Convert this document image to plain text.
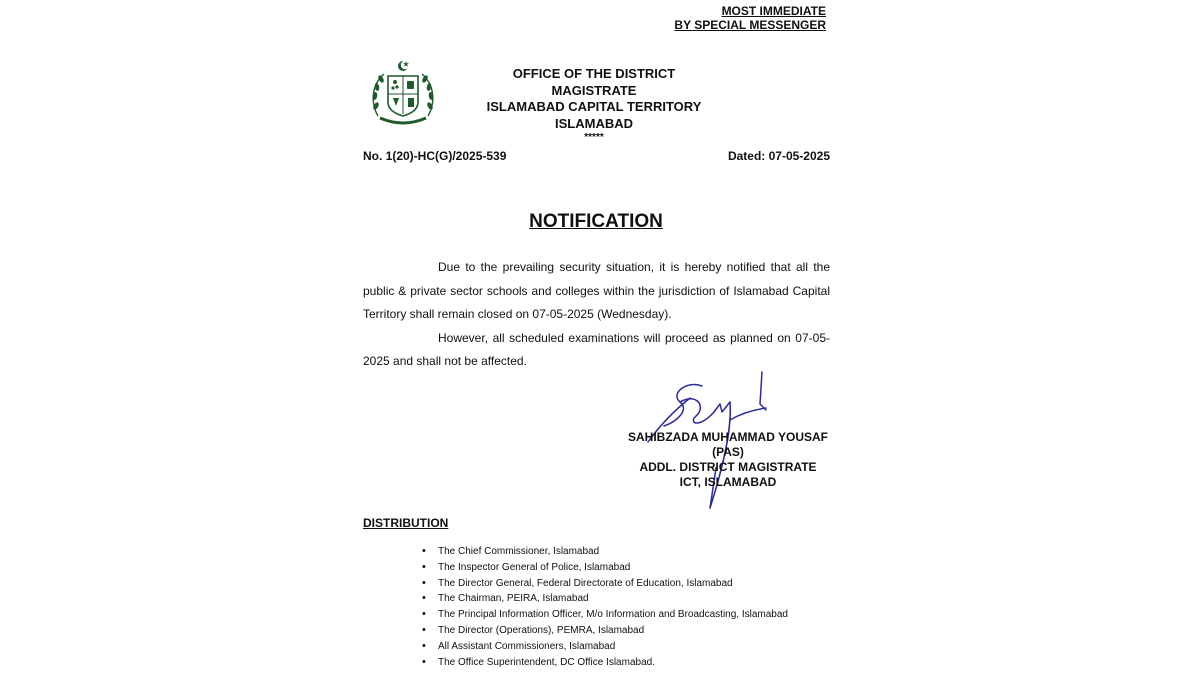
MOST IMMEDIATE
BY SPECIAL MESSENGER
OFFICE OF THE DISTRICT MAGISTRATE
ISLAMABAD CAPITAL TERRITORY
ISLAMABAD
*****
No. 1(20)-HC(G)/2025-539	Dated: 07-05-2025
NOTIFICATION

Due to the prevailing security situation, it is hereby notified that all the public & private sector schools and colleges within the jurisdiction of Islamabad Capital Territory shall remain closed on 07-05-2025 (Wednesday).

However, all scheduled examinations will proceed as planned on 07-05-2025 and shall not be affected.

SAHIBZADA MUHAMMAD YOUSAF (PAS)
ADDL. DISTRICT MAGISTRATE
ICT, ISLAMABAD
DISTRIBUTION
• The Chief Commissioner, Islamabad
• The Inspector General of Police, Islamabad
• The Director General, Federal Directorate of Education, Islamabad
• The Chairman, PEIRA, Islamabad
• The Principal Information Officer, M/o Information and Broadcasting, Islamabad
• The Director (Operations), PEMRA, Islamabad
• All Assistant Commissioners, Islamabad
• The Office Superintendent, DC Office Islamabad.
